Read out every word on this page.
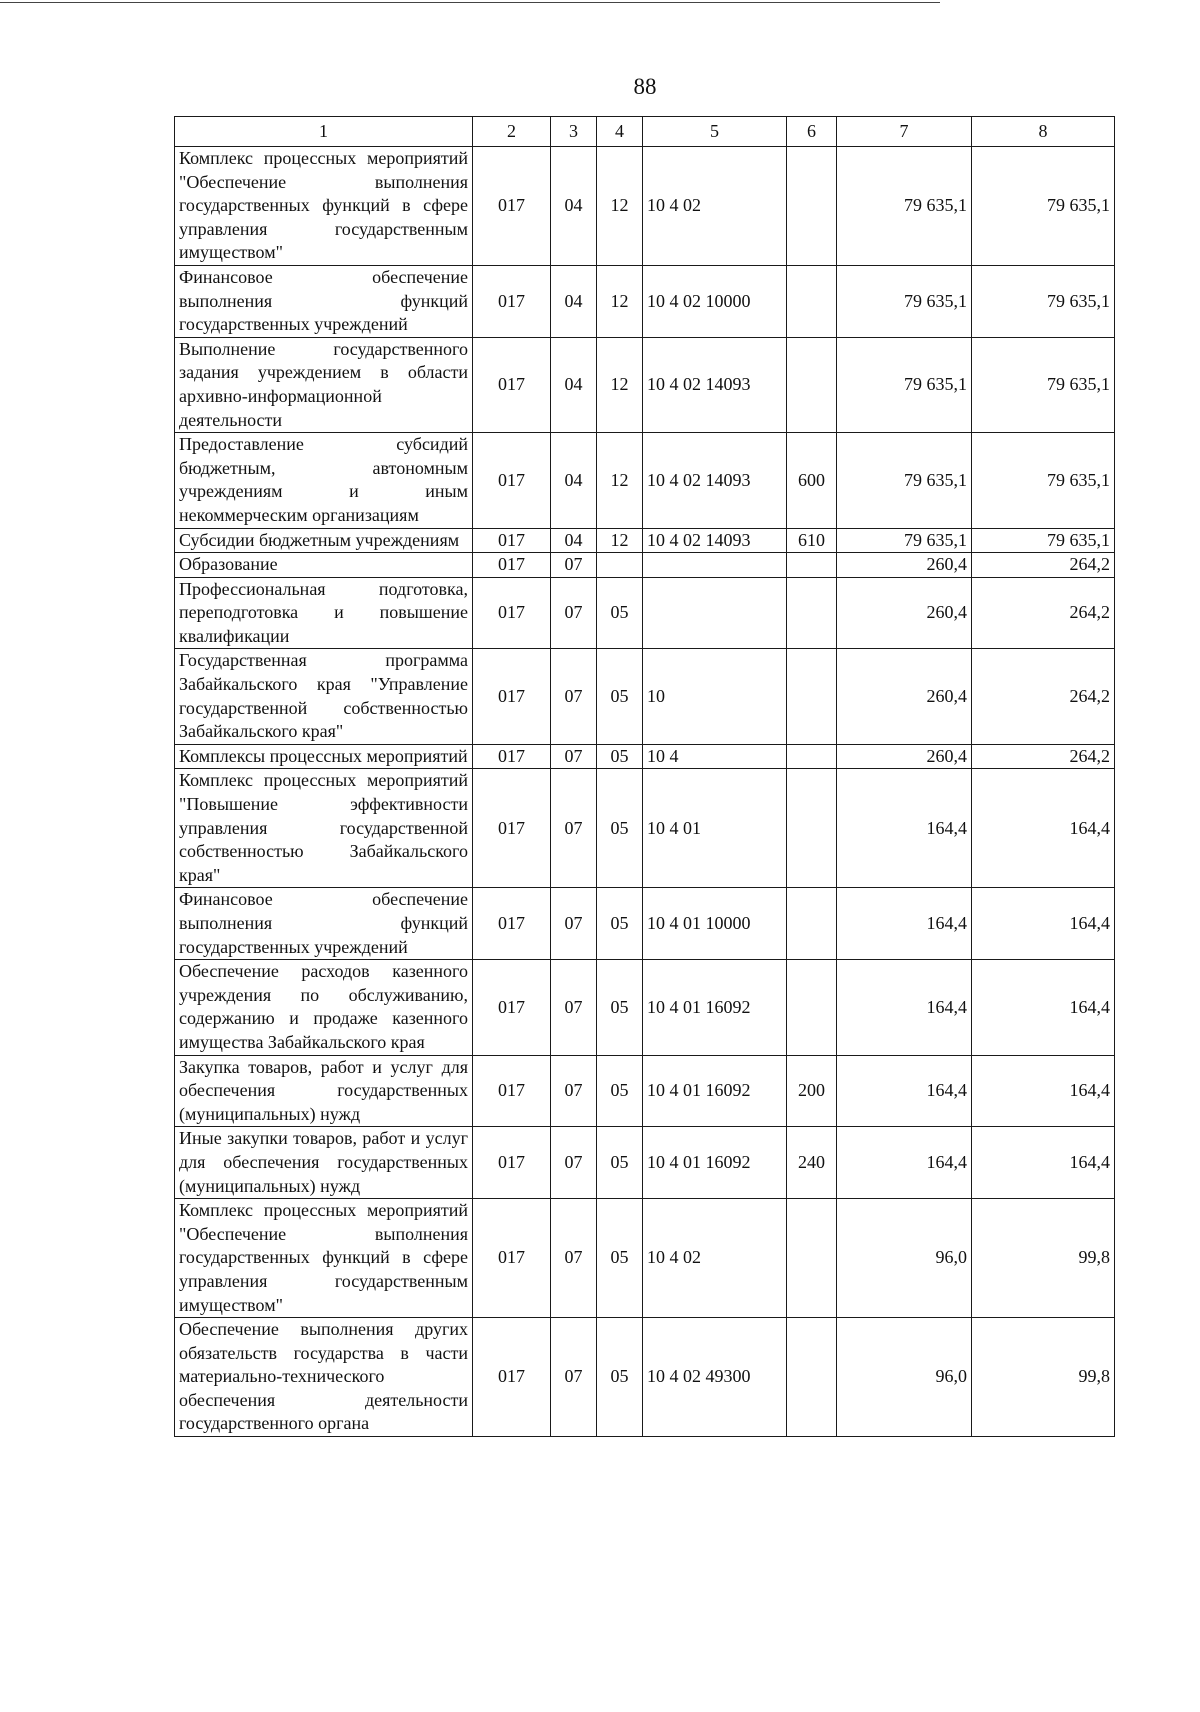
88
1	2	3	4	5	6	7	8
Комплекс процессных мероприятий "Обеспечение выполнения государственных функций в сфере управления государственным имуществом"	017	04	12	10 4 02		79 635,1	79 635,1
Финансовое обеспечение выполнения функций государственных учреждений	017	04	12	10 4 02 10000		79 635,1	79 635,1
Выполнение государственного задания учреждением в области архивно-информационной деятельности	017	04	12	10 4 02 14093		79 635,1	79 635,1
Предоставление субсидий бюджетным, автономным учреждениям и иным некоммерческим организациям	017	04	12	10 4 02 14093	600	79 635,1	79 635,1
Субсидии бюджетным учреждениям	017	04	12	10 4 02 14093	610	79 635,1	79 635,1
Образование	017	07				260,4	264,2
Профессиональная подготовка, переподготовка и повышение квалификации	017	07	05			260,4	264,2
Государственная программа Забайкальского края "Управление государственной собственностью Забайкальского края"	017	07	05	10		260,4	264,2
Комплексы процессных мероприятий	017	07	05	10 4		260,4	264,2
Комплекс процессных мероприятий "Повышение эффективности управления государственной собственностью Забайкальского края"	017	07	05	10 4 01		164,4	164,4
Финансовое обеспечение выполнения функций государственных учреждений	017	07	05	10 4 01 10000		164,4	164,4
Обеспечение расходов казенного учреждения по обслуживанию, содержанию и продаже казенного имущества Забайкальского края	017	07	05	10 4 01 16092		164,4	164,4
Закупка товаров, работ и услуг для обеспечения государственных (муниципальных) нужд	017	07	05	10 4 01 16092	200	164,4	164,4
Иные закупки товаров, работ и услуг для обеспечения государственных (муниципальных) нужд	017	07	05	10 4 01 16092	240	164,4	164,4
Комплекс процессных мероприятий "Обеспечение выполнения государственных функций в сфере управления государственным имуществом"	017	07	05	10 4 02		96,0	99,8
Обеспечение выполнения других обязательств государства в части материально-технического обеспечения деятельности государственного органа	017	07	05	10 4 02 49300		96,0	99,8
